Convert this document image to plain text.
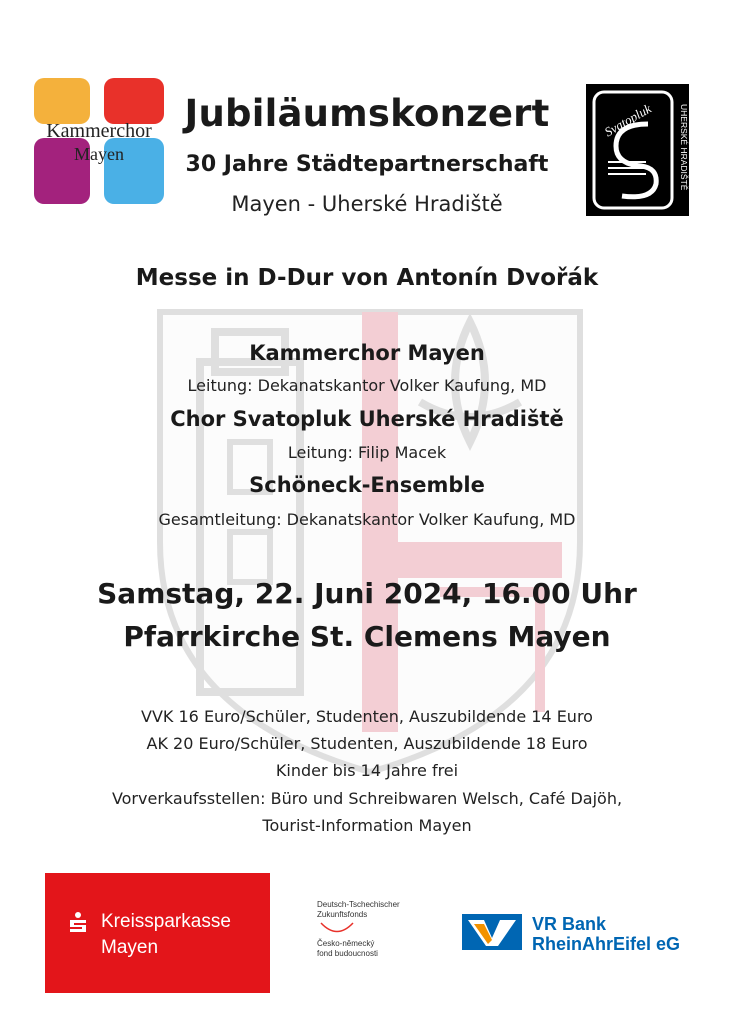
Kammerchor
Mayen
Svatopluk	UHERSKÉ HRADIŠTĚ
Jubiläumskonzert
30 Jahre Städtepartnerschaft
Mayen - Uherské Hradiště
Messe in D-Dur von Antonín Dvořák
Kammerchor Mayen
Leitung: Dekanatskantor Volker Kaufung, MD
Chor Svatopluk Uherské Hradiště
Leitung: Filip Macek
Schöneck-Ensemble
Gesamtleitung: Dekanatskantor Volker Kaufung, MD
Samstag, 22. Juni 2024, 16.00 Uhr
Pfarrkirche St. Clemens Mayen
VVK 16 Euro/Schüler, Studenten, Auszubildende 14 Euro
AK 20 Euro/Schüler, Studenten, Auszubildende 18 Euro
Kinder bis 14 Jahre frei
Vorverkaufsstellen: Büro und Schreibwaren Welsch, Café Dajöh,
Tourist-Information Mayen
Kreissparkasse
Mayen
Deutsch-Tschechischer
Zukunftsfonds
Česko-německý
fond budoucnosti
VR Bank
RheinAhrEifel eG
